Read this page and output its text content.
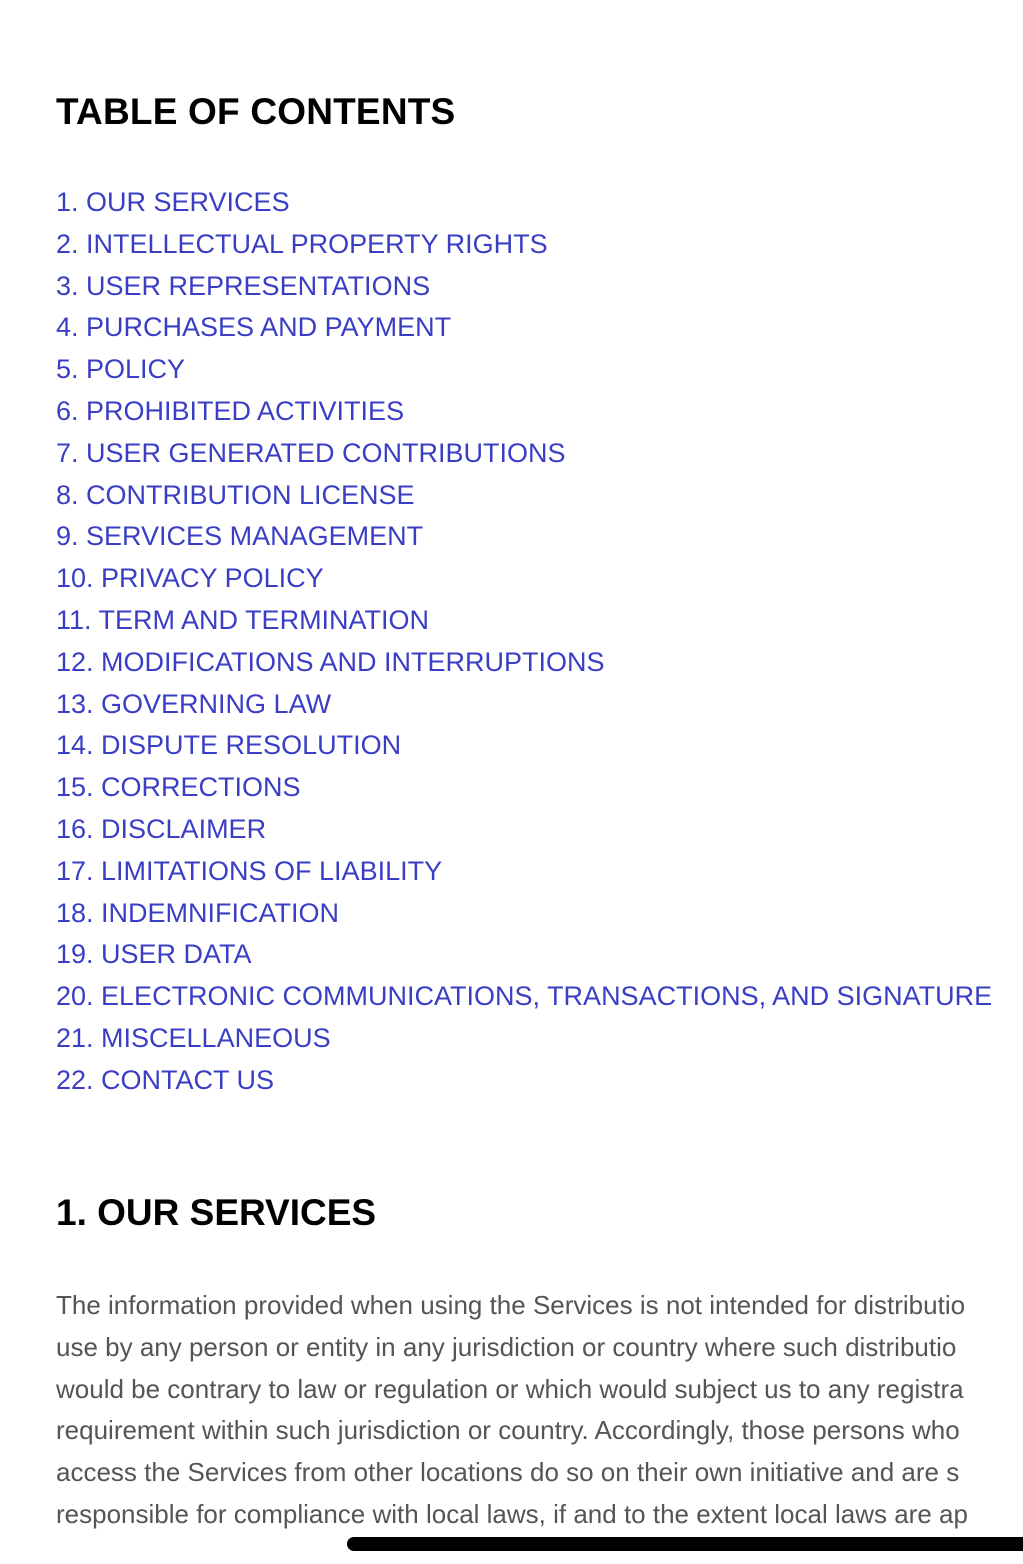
TABLE OF CONTENTS
1. OUR SERVICES
2. INTELLECTUAL PROPERTY RIGHTS
3. USER REPRESENTATIONS
4. PURCHASES AND PAYMENT
5. POLICY
6. PROHIBITED ACTIVITIES
7. USER GENERATED CONTRIBUTIONS
8. CONTRIBUTION LICENSE
9. SERVICES MANAGEMENT
10. PRIVACY POLICY
11. TERM AND TERMINATION
12. MODIFICATIONS AND INTERRUPTIONS
13. GOVERNING LAW
14. DISPUTE RESOLUTION
15. CORRECTIONS
16. DISCLAIMER
17. LIMITATIONS OF LIABILITY
18. INDEMNIFICATION
19. USER DATA
20. ELECTRONIC COMMUNICATIONS, TRANSACTIONS, AND SIGNATURE
21. MISCELLANEOUS
22. CONTACT US
1. OUR SERVICES
The information provided when using the Services is not intended for distributio
use by any person or entity in any jurisdiction or country where such distributio
would be contrary to law or regulation or which would subject us to any registra
requirement within such jurisdiction or country. Accordingly, those persons who
access the Services from other locations do so on their own initiative and are s
responsible for compliance with local laws, if and to the extent local laws are ap
